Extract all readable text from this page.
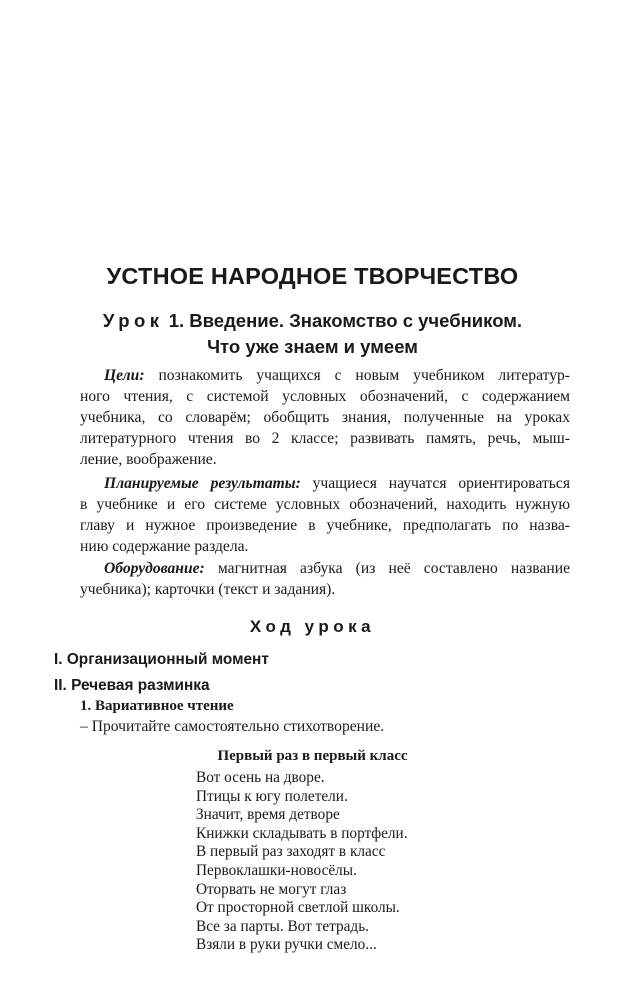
УСТНОЕ НАРОДНОЕ ТВОРЧЕСТВО
Урок 1. Введение. Знакомство с учебником.
Что уже знаем и умеем
Цели: познакомить учащихся с новым учебником литератур-
ного чтения, с системой условных обозначений, с содержанием
учебника, со словарём; обобщить знания, полученные на уроках
литературного чтения во 2 классе; развивать память, речь, мыш-
ление, воображение.
Планируемые результаты: учащиеся научатся ориентироваться
в учебнике и его системе условных обозначений, находить нужную
главу и нужное произведение в учебнике, предполагать по назва-
нию содержание раздела.
Оборудование: магнитная азбука (из неё составлено название
учебника); карточки (текст и задания).
Ход урока
I. Организационный момент
II. Речевая разминка
1. Вариативное чтение
– Прочитайте самостоятельно стихотворение.
Первый раз в первый класс
Вот осень на дворе.
Птицы к югу полетели.
Значит, время детворе
Книжки складывать в портфели.
В первый раз заходят в класс
Первоклашки-новосёлы.
Оторвать не могут глаз
От просторной светлой школы.
Все за парты. Вот тетрадь.
Взяли в руки ручки смело...
